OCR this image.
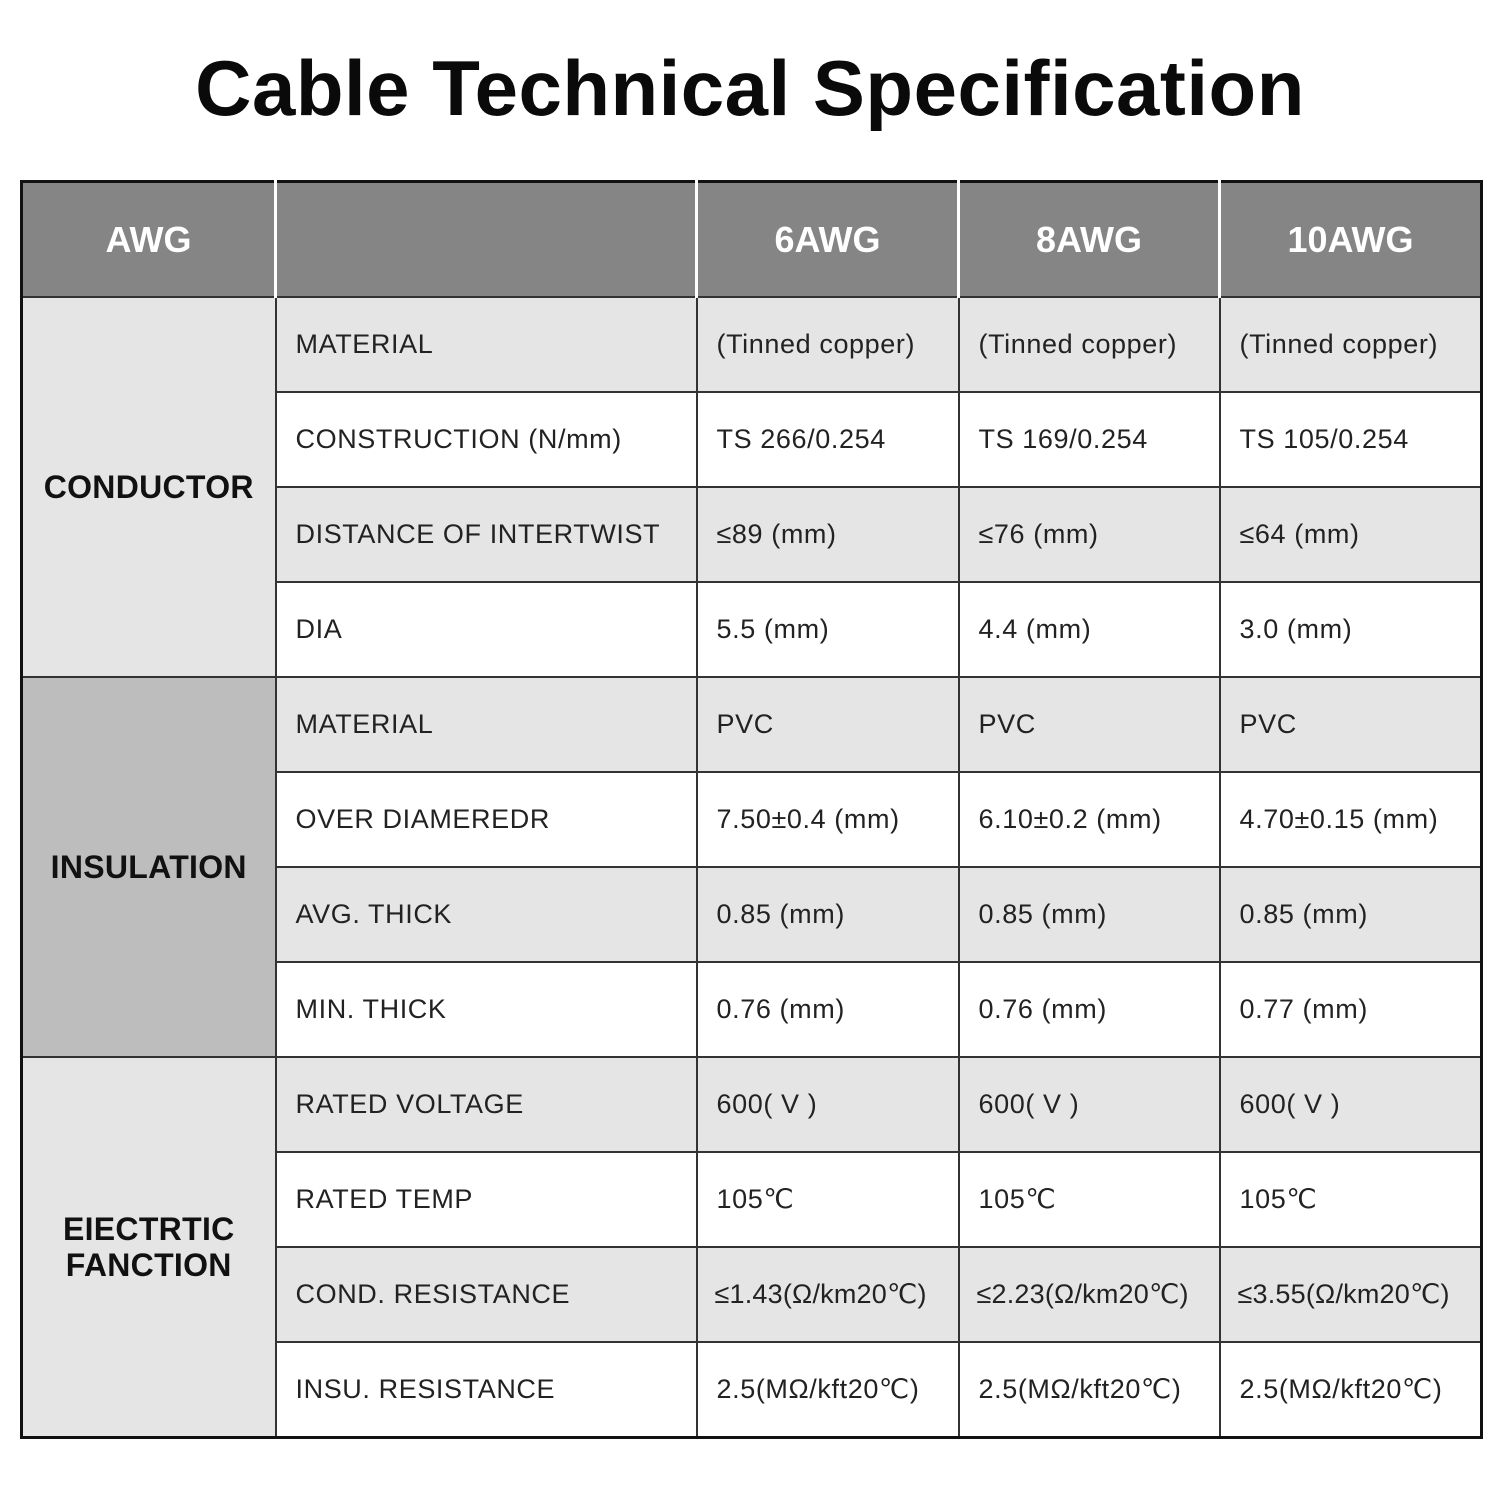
Cable Technical Specification
AWG		6AWG	8AWG	10AWG

CONDUCTOR	MATERIAL	(Tinned copper)	(Tinned copper)	(Tinned copper)
	CONSTRUCTION (N/mm)	TS 266/0.254	TS 169/0.254	TS 105/0.254
	DISTANCE OF INTERTWIST	≤89 (mm)	≤76 (mm)	≤64 (mm)
	DIA	5.5 (mm)	4.4 (mm)	3.0 (mm)

INSULATION	MATERIAL	PVC	PVC	PVC
	OVER DIAMEREDR	7.50±0.4 (mm)	6.10±0.2 (mm)	4.70±0.15 (mm)
	AVG. THICK	0.85 (mm)	0.85 (mm)	0.85 (mm)
	MIN. THICK	0.76 (mm)	0.76 (mm)	0.77 (mm)

EIECTRTIC
FANCTION	RATED VOLTAGE	600( V )	600( V )	600( V )
	RATED TEMP	105℃	105℃	105℃
	COND. RESISTANCE	≤1.43(Ω/km20℃)	≤2.23(Ω/km20℃)	≤3.55(Ω/km20℃)
	INSU. RESISTANCE	2.5(MΩ/kft20℃)	2.5(MΩ/kft20℃)	2.5(MΩ/kft20℃)
